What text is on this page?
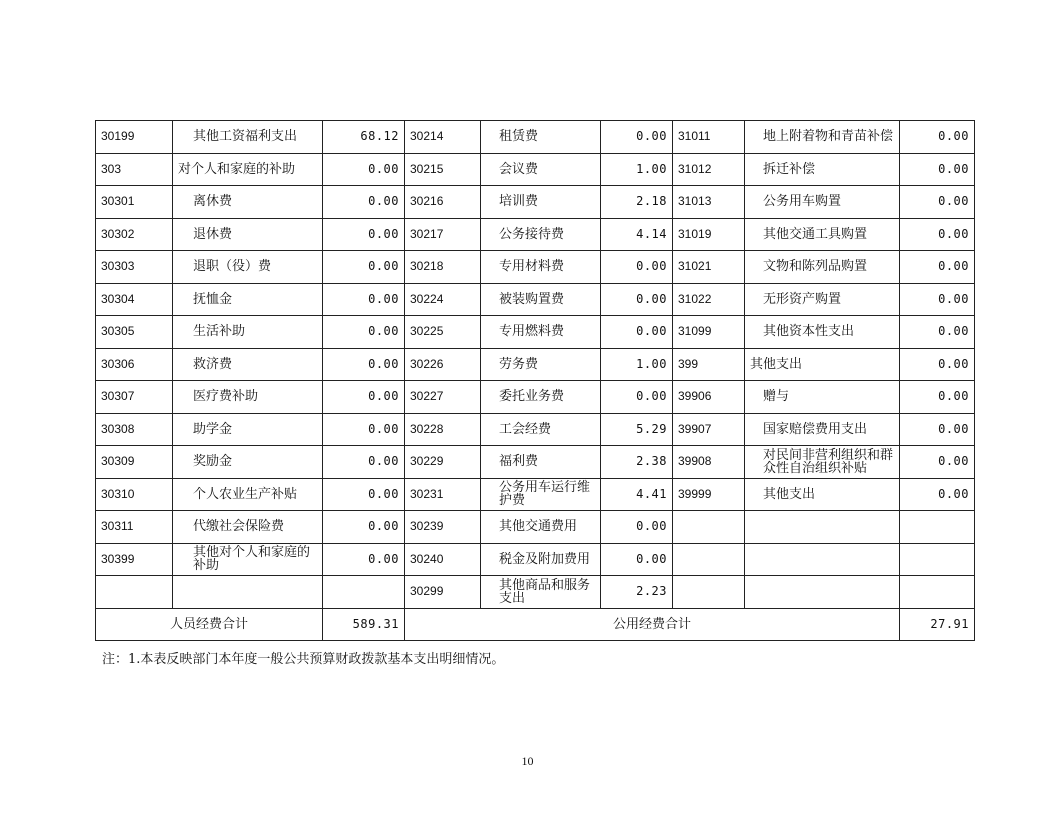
30199	其他工资福利支出	68.12	30214	租赁费	0.00	31011	地上附着物和青苗补偿	0.00
303	对个人和家庭的补助	0.00	30215	会议费	1.00	31012	拆迁补偿	0.00
30301	离休费	0.00	30216	培训费	2.18	31013	公务用车购置	0.00
30302	退休费	0.00	30217	公务接待费	4.14	31019	其他交通工具购置	0.00
30303	退职（役）费	0.00	30218	专用材料费	0.00	31021	文物和陈列品购置	0.00
30304	抚恤金	0.00	30224	被装购置费	0.00	31022	无形资产购置	0.00
30305	生活补助	0.00	30225	专用燃料费	0.00	31099	其他资本性支出	0.00
30306	救济费	0.00	30226	劳务费	1.00	399	其他支出	0.00
30307	医疗费补助	0.00	30227	委托业务费	0.00	39906	赠与	0.00
30308	助学金	0.00	30228	工会经费	5.29	39907	国家赔偿费用支出	0.00
30309	奖励金	0.00	30229	福利费	2.38	39908	对民间非营利组织和群众性自治组织补贴	0.00
30310	个人农业生产补贴	0.00	30231	公务用车运行维护费	4.41	39999	其他支出	0.00
30311	代缴社会保险费	0.00	30239	其他交通费用	0.00			
30399	其他对个人和家庭的补助	0.00	30240	税金及附加费用	0.00			
			30299	其他商品和服务支出	2.23			
人员经费合计		589.31	公用经费合计					27.91
注：1.本表反映部门本年度一般公共预算财政拨款基本支出明细情况。
10
